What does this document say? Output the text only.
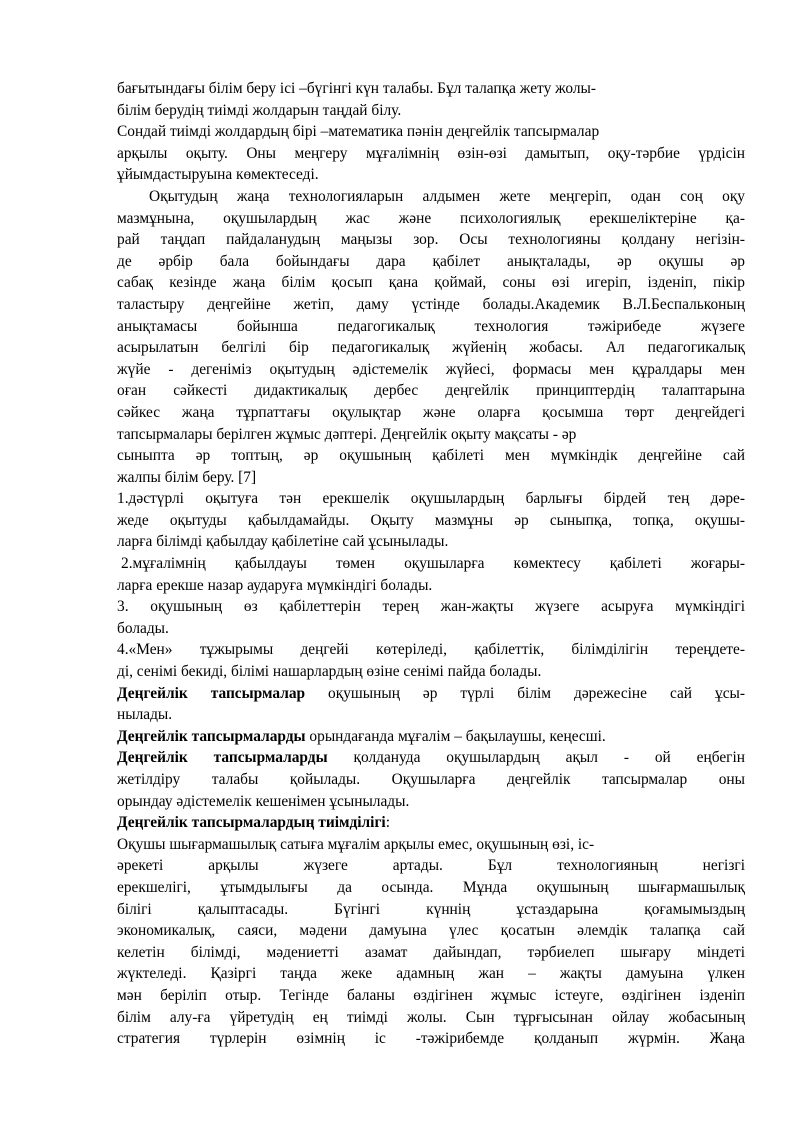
бағытындағы білім беру ісі –бүгінгі күн талабы. Бұл талапқа жету жолы-
білім берудің тиімді жолдарын таңдай білу.
Сондай тиімді жолдардың бірі –математика пәнін деңгейлік тапсырмалар
арқылы оқыту. Оны меңгеру мұғалімнің өзін-өзі дамытып, оқу-тәрбие үрдісін
ұйымдастыруына көмектеседі.
Оқытудың жаңа технологияларын алдымен жете меңгеріп, одан соң оқу
мазмұнына, оқушылардың жас және психологиялық ерекшеліктеріне қа-
рай таңдап пайдаланудың маңызы зор. Осы технологияны қолдану негізін-
де әрбір бала бойындағы дара қабілет анықталады, әр оқушы әр
сабақ кезінде жаңа білім қосып қана қоймай, соны өзі игеріп, ізденіп, пікір
таластыру деңгейіне жетіп, даму үстінде болады.Академик В.Л.Беспальконың
анықтамасы бойынша педагогикалық технология тәжірибеде жүзеге
асырылатын белгілі бір педагогикалық жүйенің жобасы. Ал педагогикалық
жүйе - дегеніміз оқытудың әдістемелік жүйесі, формасы мен құралдары мен
оған сәйкесті дидактикалық дербес деңгейлік принциптердің талаптарына
сәйкес жаңа тұрпаттағы оқулықтар және оларға қосымша төрт деңгейдегі
тапсырмалары берілген жұмыс дәптері. Деңгейлік оқыту мақсаты - әр
сыныпта әр топтың, әр оқушының қабілеті мен мүмкіндік деңгейіне сай
жалпы білім беру. [7]
1.дәстүрлі оқытуға тән ерекшелік оқушылардың барлығы бірдей тең дәре-
жеде оқытуды қабылдамайды. Оқыту мазмұны әр сыныпқа, топқа, оқушы-
ларға білімді қабылдау қабілетіне сай ұсынылады.
2.мұғалімнің қабылдауы төмен оқушыларға көмектесу қабілеті жоғары-
ларға ерекше назар аударуға мүмкіндігі болады.
3. оқушының өз қабілеттерін терең жан-жақты жүзеге асыруға мүмкіндігі
болады.
4.«Мен» тұжырымы деңгейі көтеріледі, қабілеттік, білімділігін тереңдете-
ді, сенімі бекиді, білімі нашарлардың өзіне сенімі пайда болады.
Деңгейлік тапсырмалар оқушының әр түрлі білім дәрежесіне сай ұсы-
нылады.
Деңгейлік тапсырмаларды орындағанда мұғалім – бақылаушы, кеңесші.
Деңгейлік тапсырмаларды қолдануда оқушылардың ақыл - ой еңбегін
жетілдіру талабы қойылады. Оқушыларға деңгейлік тапсырмалар оны
орындау әдістемелік кешенімен ұсынылады.
Деңгейлік тапсырмалардың тиімділігі:
Оқушы шығармашылық сатыға мұғалім арқылы емес, оқушының өзі, іс-
әрекеті арқылы жүзеге артады. Бұл технологияның негізгі
ерекшелігі, ұтымдылығы да осында. Мұнда оқушының шығармашылық
білігі қалыптасады. Бүгінгі күннің ұстаздарына қоғамымыздың
экономикалық, саяси, мәдени дамуына үлес қосатын әлемдік талапқа сай
келетін білімді, мәдениетті азамат дайындап, тәрбиелеп шығару міндеті
жүктеледі. Қазіргі таңда жеке адамның жан – жақты дамуына үлкен
мән беріліп отыр. Тегінде баланы өздігінен жұмыс істеуге, өздігінен ізденіп
білім алу-ға үйретудің ең тиімді жолы. Сын тұрғысынан ойлау жобасының
стратегия түрлерін өзімнің іс -тәжірибемде қолданып жүрмін. Жаңа
